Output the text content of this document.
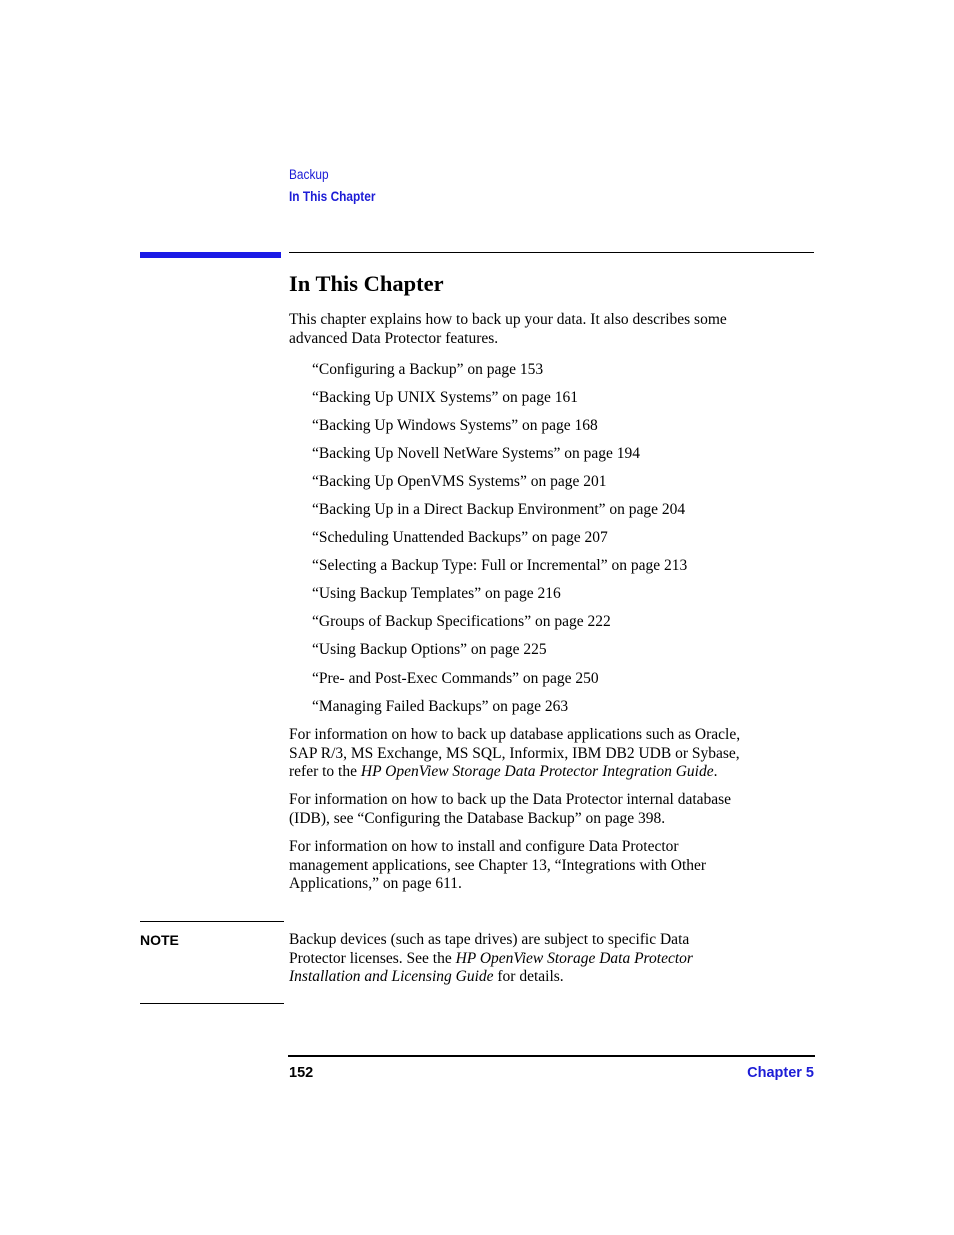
Backup
In This Chapter
In This Chapter

This chapter explains how to back up your data. It also describes some
advanced Data Protector features.

“Configuring a Backup” on page 153
“Backing Up UNIX Systems” on page 161
“Backing Up Windows Systems” on page 168
“Backing Up Novell NetWare Systems” on page 194
“Backing Up OpenVMS Systems” on page 201
“Backing Up in a Direct Backup Environment” on page 204
“Scheduling Unattended Backups” on page 207
“Selecting a Backup Type: Full or Incremental” on page 213
“Using Backup Templates” on page 216
“Groups of Backup Specifications” on page 222
“Using Backup Options” on page 225
“Pre- and Post-Exec Commands” on page 250
“Managing Failed Backups” on page 263

For information on how to back up database applications such as Oracle,
SAP R/3, MS Exchange, MS SQL, Informix, IBM DB2 UDB or Sybase,
refer to the HP OpenView Storage Data Protector Integration Guide.

For information on how to back up the Data Protector internal database
(IDB), see “Configuring the Database Backup” on page 398.

For information on how to install and configure Data Protector
management applications, see Chapter 13, “Integrations with Other
Applications,” on page 611.

NOTE	Backup devices (such as tape drives) are subject to specific Data
Protector licenses. See the HP OpenView Storage Data Protector
Installation and Licensing Guide for details.

152	Chapter 5
